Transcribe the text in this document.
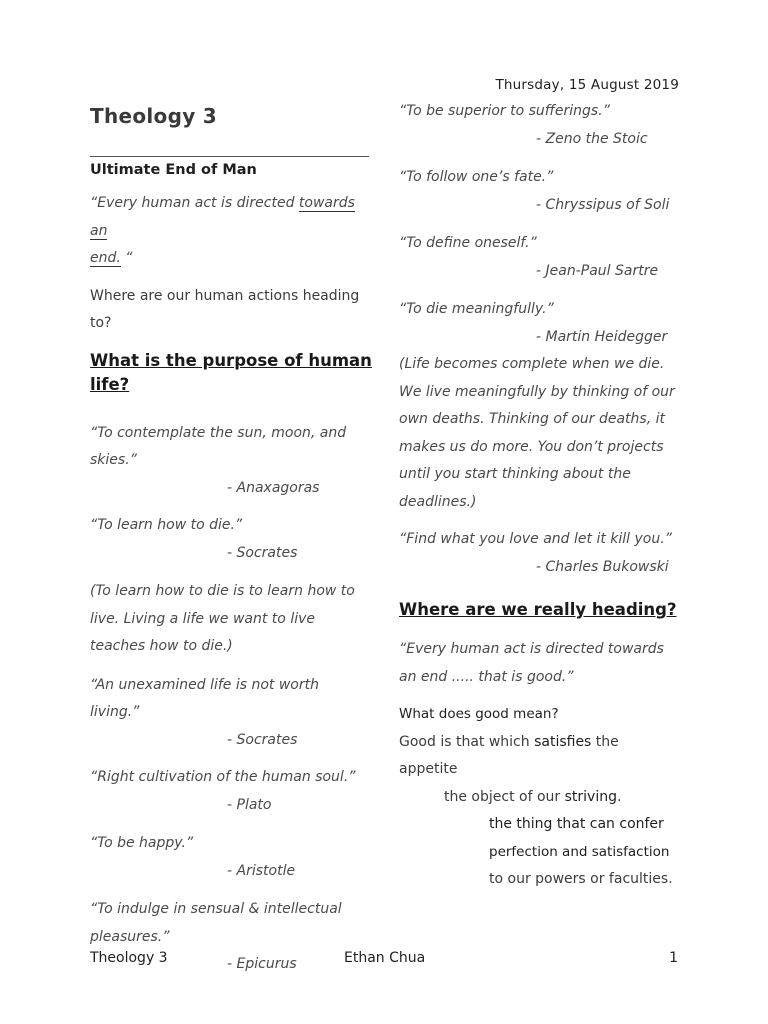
Thursday, 15 August 2019
Theology 3
Ultimate End of Man

“Every human act is directed towards an
end. “

Where are our human actions heading to?

What is the purpose of human life?

“To contemplate the sun, moon, and skies.”

- Anaxagoras

“To learn how to die.”

- Socrates

(To learn how to die is to learn how to live. Living a life we want to live teaches how to die.)

“An unexamined life is not worth living.”

- Socrates

“Right cultivation of the human soul.”

- Plato

“To be happy.”

- Aristotle

“To indulge in sensual & intellectual pleasures.”

- Epicurus

“To be superior to sufferings.”

- Zeno the Stoic

“To follow one’s fate.”

- Chryssipus of Soli

“To define oneself.”

- Jean-Paul Sartre

“To die meaningfully.”

- Martin Heidegger

(Life becomes complete when we die. We live meaningfully by thinking of our own deaths. Thinking of our deaths, it makes us do more. You don’t projects until you start thinking about the deadlines.)

“Find what you love and let it kill you.”

- Charles Bukowski

Where are we really heading?

“Every human act is directed towards an end ..... that is good.”

What does good mean?

Good is that which satisfies the appetite

the object of our striving.

the thing that can confer

perfection and satisfaction

to our powers or faculties.

Theology 3	Ethan Chua	1
